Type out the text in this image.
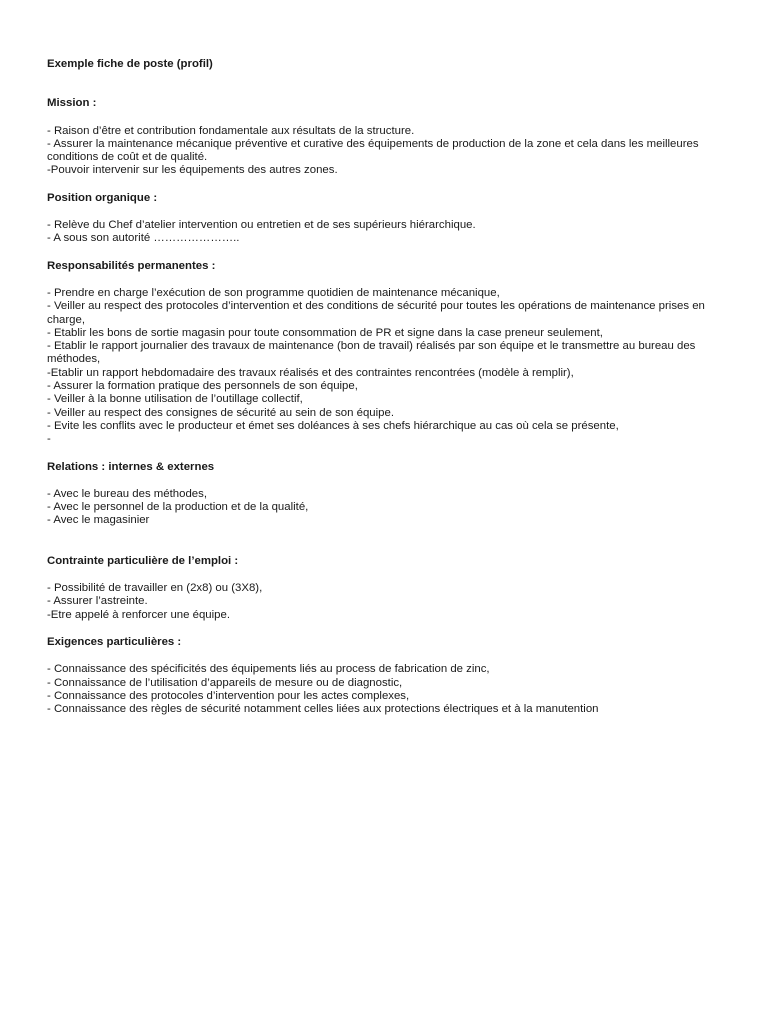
Exemple fiche de poste (profil)
Mission :
- Raison d’être et contribution fondamentale aux résultats de la structure.
- Assurer la maintenance mécanique préventive et curative des équipements de production de la zone et cela dans les meilleures conditions de coût et de qualité.
-Pouvoir intervenir sur les équipements des autres zones.
Position organique :
- Relève du Chef d’atelier intervention ou entretien et de ses supérieurs hiérarchique.
- A sous son autorité …………………..
Responsabilités permanentes :
- Prendre en charge l’exécution de son programme quotidien de maintenance mécanique,
- Veiller au respect des protocoles d’intervention et des conditions de sécurité pour toutes les opérations de maintenance prises en charge,
- Etablir les bons de sortie magasin pour toute consommation de PR et signe dans la case preneur seulement,
- Etablir le rapport journalier des travaux de maintenance (bon de travail) réalisés par son équipe et le transmettre au bureau des méthodes,
-Etablir un rapport hebdomadaire des travaux réalisés et des contraintes rencontrées (modèle à remplir),
- Assurer la formation pratique des personnels de son équipe,
- Veiller à la bonne utilisation de l’outillage collectif,
- Veiller au respect des consignes de sécurité au sein de son équipe.
- Evite les conflits avec le producteur et émet ses doléances à ses chefs hiérarchique au cas où cela se présente,
-
Relations : internes & externes
- Avec le bureau des méthodes,
- Avec le personnel de la production et de la qualité,
- Avec le magasinier
Contrainte particulière de l’emploi :
- Possibilité de travailler en (2x8) ou (3X8),
- Assurer l’astreinte.
-Etre appelé à renforcer une équipe.
Exigences particulières :
- Connaissance des spécificités des équipements liés au process de fabrication de zinc,
- Connaissance de l’utilisation d’appareils de mesure ou de diagnostic,
- Connaissance des protocoles d’intervention pour les actes complexes,
- Connaissance des règles de sécurité notamment celles liées aux protections électriques et à la manutention
